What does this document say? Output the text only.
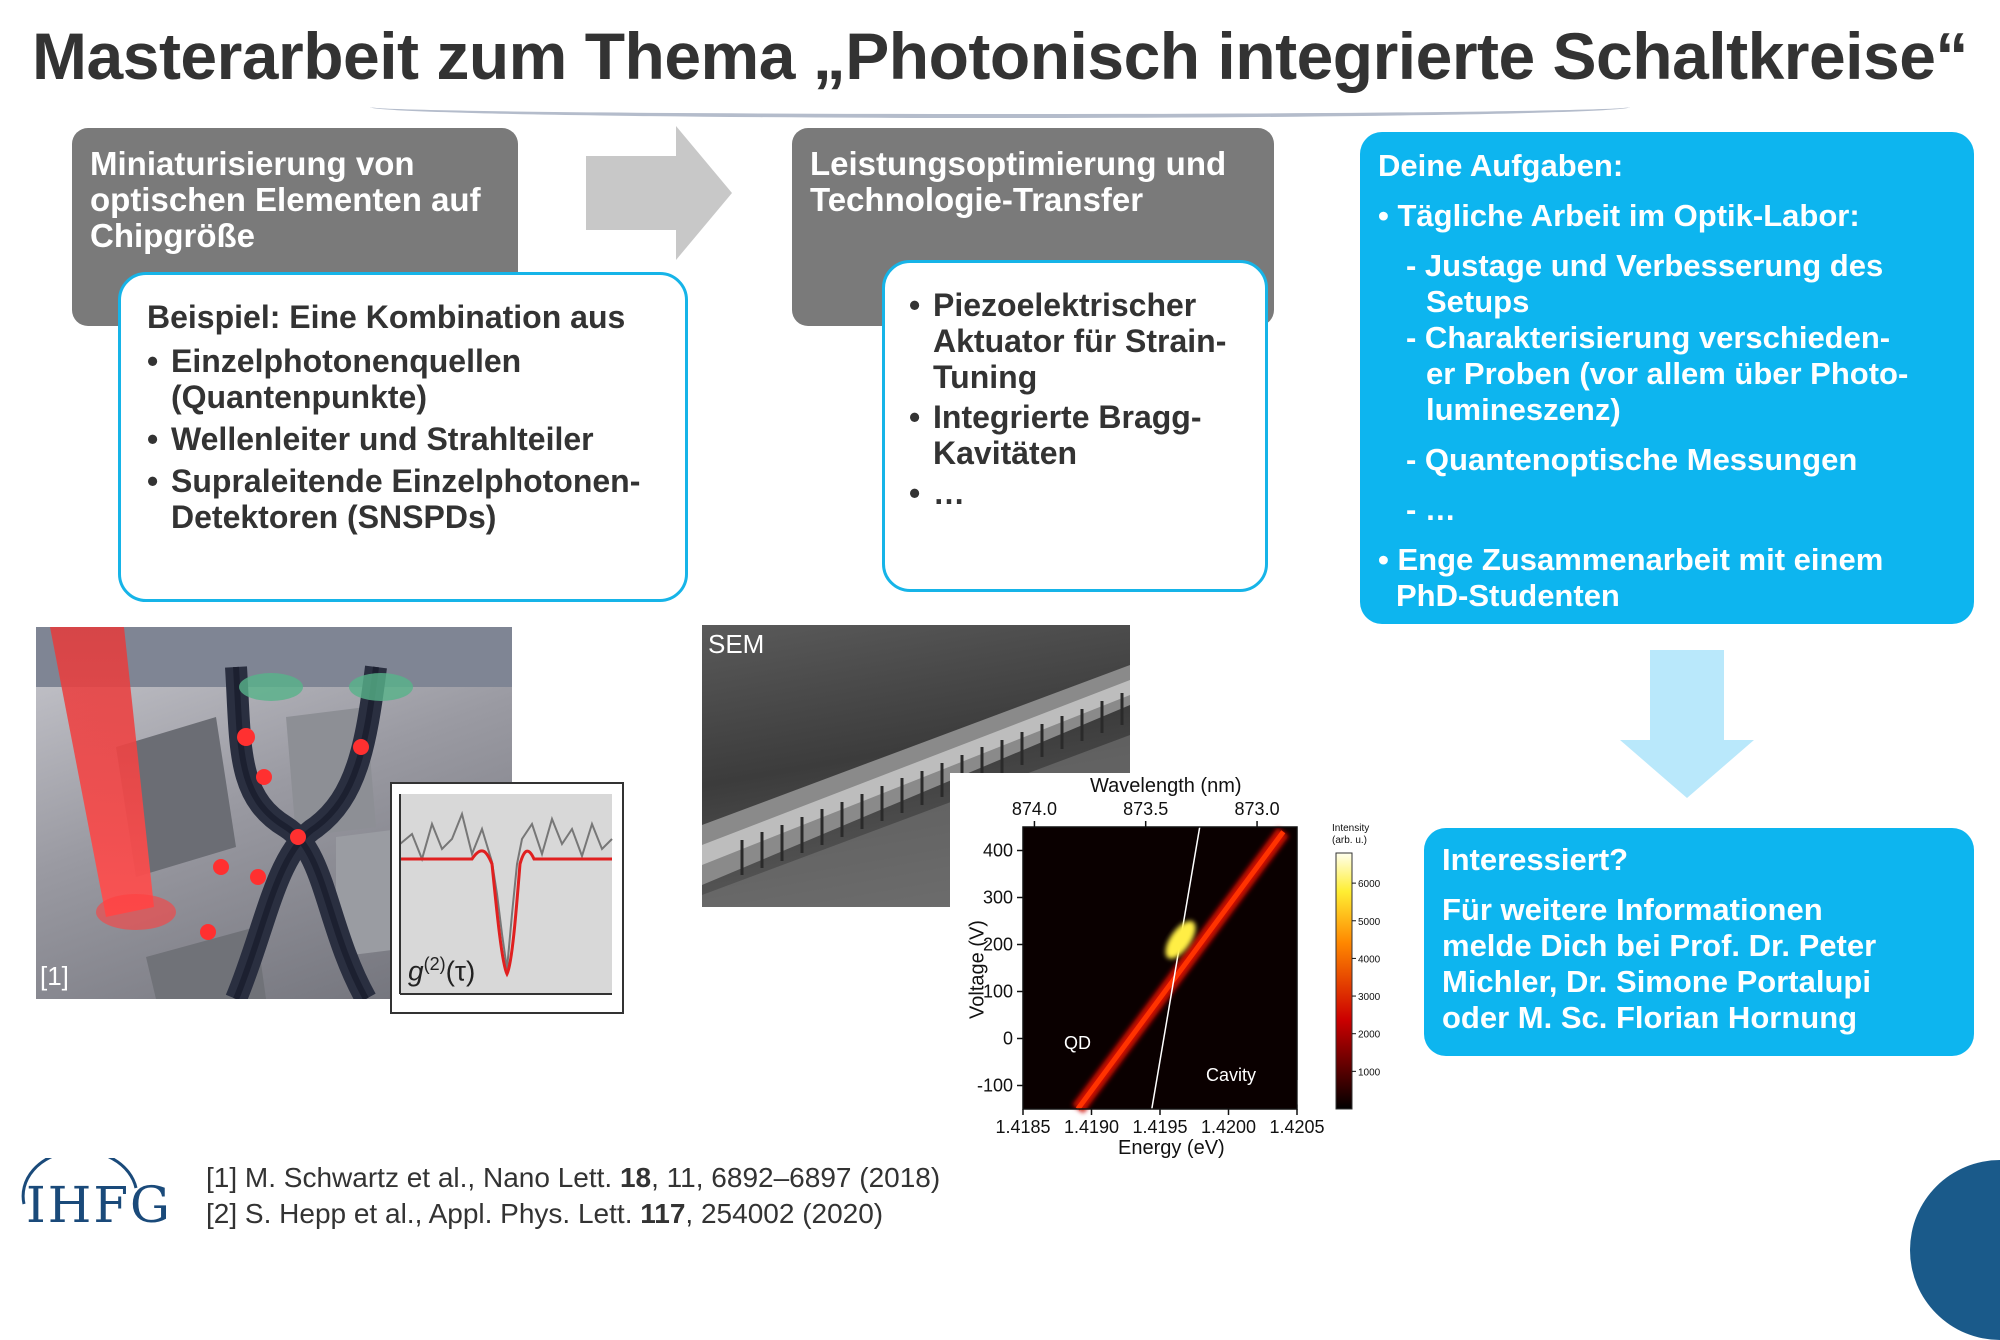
Masterarbeit zum Thema „Photonisch integrierte Schaltkreise“
Miniaturisierung von
optischen Elementen auf
Chipgröße
Beispiel: Eine Kombination aus
• Einzelphotonenquellen
(Quantenpunkte)
• Wellenleiter und Strahlteiler
• Supraleitende Einzelphotonen-
Detektoren (SNSPDs)
Leistungsoptimierung und
Technologie-Transfer
• Piezoelektrischer
Aktuator für Strain-
Tuning
• Integrierte Bragg-
Kavitäten
• …
Deine Aufgaben:
• Tägliche Arbeit im Optik-Labor:
- Justage und Verbesserung des
Setups
- Charakterisierung verschieden-
er Proben (vor allem über Photo-
lumineszenz)
- Quantenoptische Messungen
- …
• Enge Zusammenarbeit mit einem
PhD-Studenten
Interessiert?
Für weitere Informationen
melde Dich bei Prof. Dr. Peter
Michler, Dr. Simone Portalupi
oder M. Sc. Florian Hornung
[1]	$g^{(2)}(\tau)$
SEM
1.4185 1.4190 1.4195 1.4200 1.4205
874.0	873.5	873.0
400
300
200
100
0
-100
6000
5000
4000
3000
2000
1000
Wavelength (nm)
Energy (eV)
Voltage (V)
Intensity
(arb. u.)
QD
Cavity [2]
[1] M. Schwartz et al., Nano Lett. 18, 11, 6892–6897 (2018)
[2] S. Hepp et al., Appl. Phys. Lett. 117, 254002 (2020)
IHFG
